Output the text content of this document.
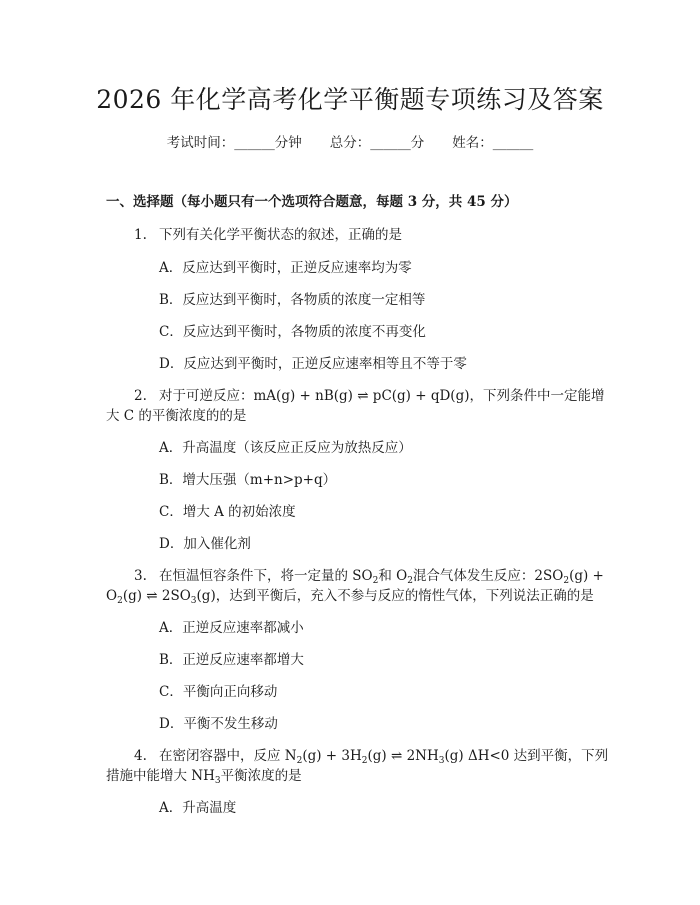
2026 年化学高考化学平衡题专项练习及答案
考试时间：______分钟 总分：______分 姓名：______
一、选择题（每小题只有一个选项符合题意，每题 3 分，共 45 分）
1. 下列有关化学平衡状态的叙述，正确的是
A．反应达到平衡时，正逆反应速率均为零
B．反应达到平衡时，各物质的浓度一定相等
C．反应达到平衡时，各物质的浓度不再变化
D．反应达到平衡时，正逆反应速率相等且不等于零
2. 对于可逆反应：mA(g) + nB(g) ⇌ pC(g) + qD(g)，下列条件中一定能增
大 C 的平衡浓度的的是
A．升高温度（该反应正反应为放热反应）
B．增大压强（m+n>p+q）
C．增大 A 的初始浓度
D．加入催化剂
3. 在恒温恒容条件下，将一定量的 $SO_2$和 $O_2$混合气体发生反应：$2SO_2(g)$ +
$O_2(g)$ ⇌ $2SO_3(g)$，达到平衡后，充入不参与反应的惰性气体，下列说法正确的是
A．正逆反应速率都减小
B．正逆反应速率都增大
C．平衡向正向移动
D．平衡不发生移动
4. 在密闭容器中，反应 $N_2(g) + 3H_2(g)$ ⇌ $2NH_3(g)$ ΔH<0 达到平衡，下列
措施中能增大 $NH_3$平衡浓度的是
A．升高温度
